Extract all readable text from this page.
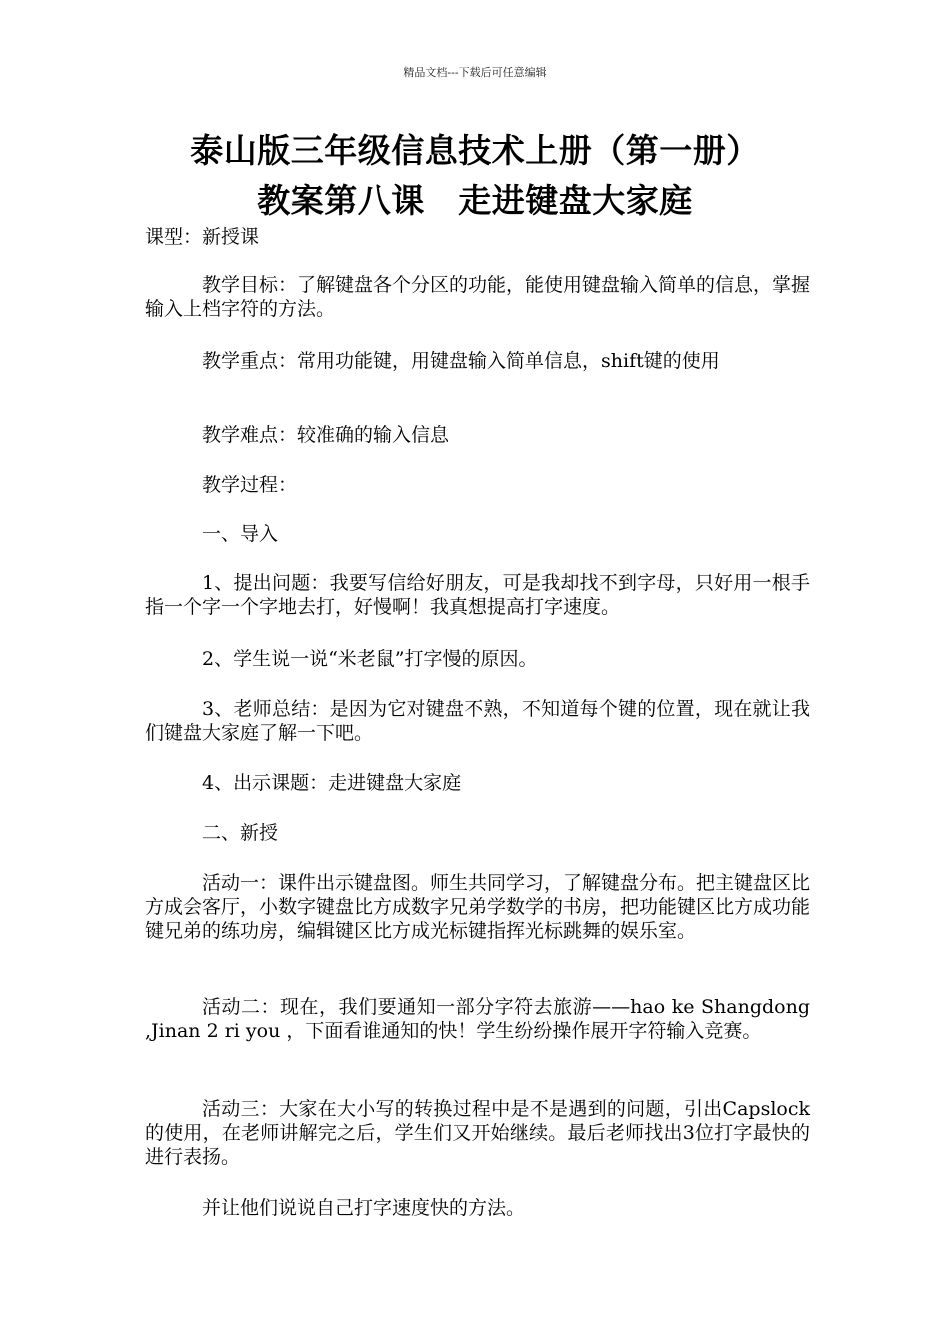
精品文档---下载后可任意编辑
泰山版三年级信息技术上册（第一册）
教案第八课　走进键盘大家庭

课型：新授课

教学目标：了解键盘各个分区的功能，能使用键盘输入简单的信息，掌握输入上档字符的方法。

教学重点：常用功能键，用键盘输入简单信息，shift键的使用

教学难点：较准确的输入信息

教学过程：

一、导入

1、提出问题：我要写信给好朋友，可是我却找不到字母，只好用一根手指一个字一个字地去打，好慢啊！我真想提高打字速度。

2、学生说一说“米老鼠”打字慢的原因。

3、老师总结：是因为它对键盘不熟，不知道每个键的位置，现在就让我们键盘大家庭了解一下吧。

4、出示课题：走进键盘大家庭

二、新授

活动一：课件出示键盘图。师生共同学习，了解键盘分布。把主键盘区比方成会客厅，小数字键盘比方成数字兄弟学数学的书房，把功能键区比方成功能键兄弟的练功房，编辑键区比方成光标键指挥光标跳舞的娱乐室。

活动二：现在，我们要通知一部分字符去旅游——hao ke Shangdong ,Jinan 2 ri you ，下面看谁通知的快！学生纷纷操作展开字符输入竞赛。

活动三：大家在大小写的转换过程中是不是遇到的问题，引出Capslock的使用，在老师讲解完之后，学生们又开始继续。最后老师找出3位打字最快的进行表扬。

并让他们说说自己打字速度快的方法。
